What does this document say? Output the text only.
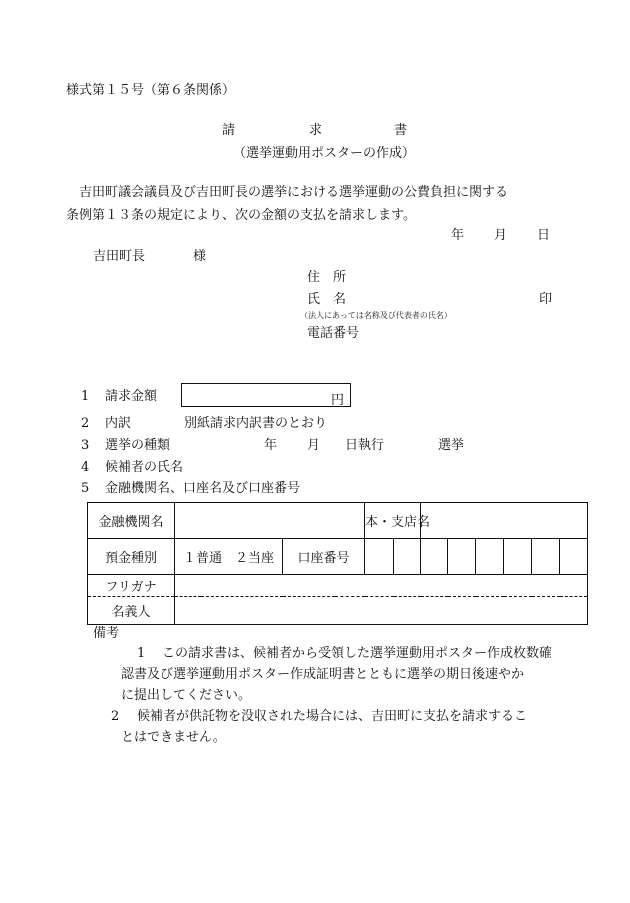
様式第１５号（第６条関係）
請	求	書
（選挙運動用ポスターの作成）
吉田町議会議員及び吉田町長の選挙における選挙運動の公費負担に関する
条例第１３条の規定により、次の金額の支払を請求します。
年 月 日
吉田町長	様
住　所
氏　名	印
（法人にあっては名称及び代表者の氏名）
電話番号
1 請求金額	円
2 内訳	別紙請求内訳書のとおり
3 選挙の種類	年 月 日執行	選挙
4 候補者の氏名
5 金融機関名、口座名及び口座番号
金融機関名			本・支店名							
預金種別	１普通　２当座	口座番号								
フリガナ										
名義人										
備考
1 この請求書は、候補者から受領した選挙運動用ポスター作成枚数確
認書及び選挙運動用ポスター作成証明書とともに選挙の期日後速やか
に提出してください。
2 候補者が供託物を没収された場合には、吉田町に支払を請求するこ
とはできません。
